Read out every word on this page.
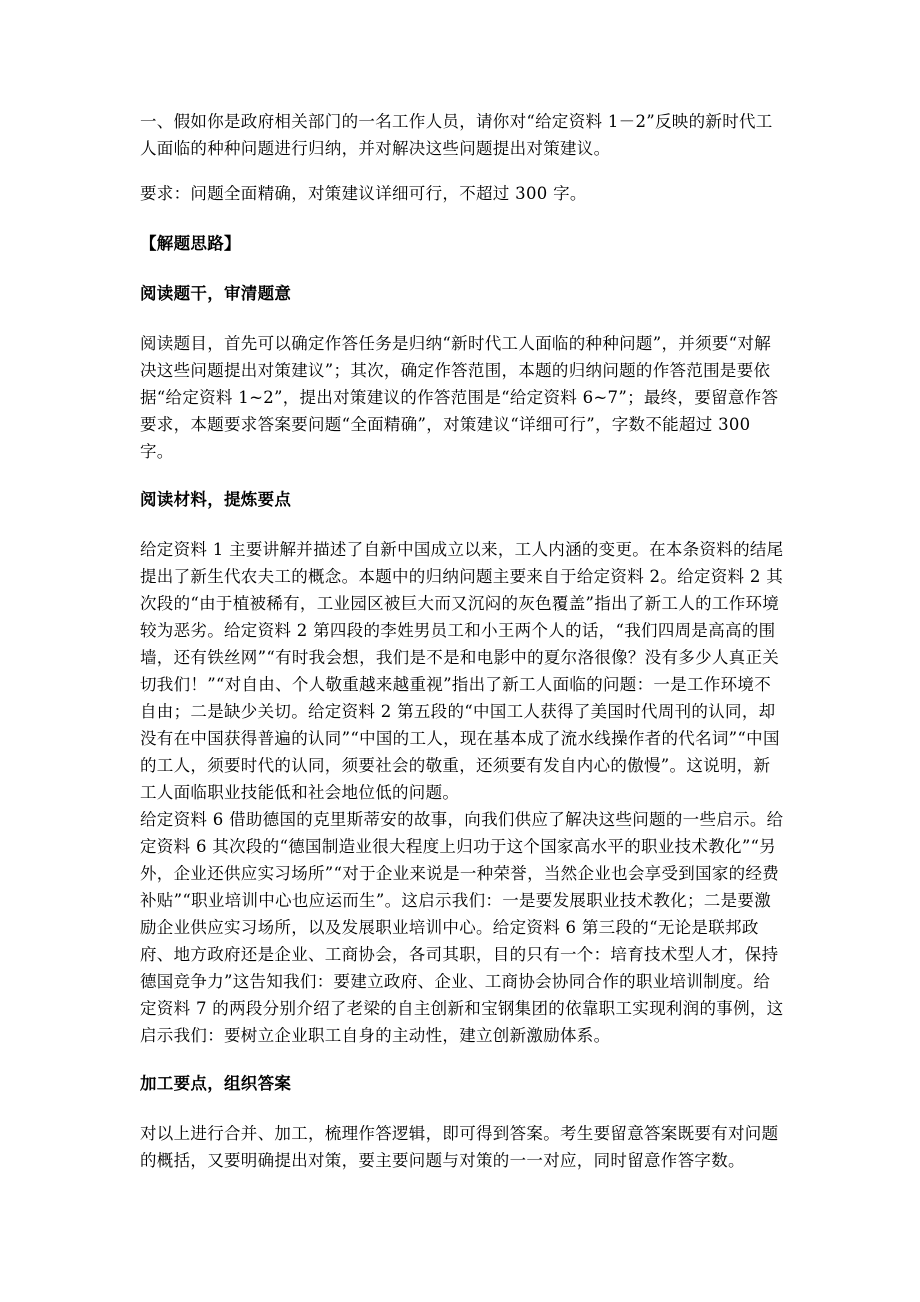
一、假如你是政府相关部门的一名工作人员，请你对“给定资料 1－2”反映的新时代工人面临的种种问题进行归纳，并对解决这些问题提出对策建议。

要求：问题全面精确，对策建议详细可行，不超过 300 字。

【解题思路】

阅读题干，审清题意

阅读题目，首先可以确定作答任务是归纳“新时代工人面临的种种问题”，并须要“对解决这些问题提出对策建议”；其次，确定作答范围，本题的归纳问题的作答范围是要依据“给定资料 1~2”，提出对策建议的作答范围是“给定资料 6~7”；最终，要留意作答要求，本题要求答案要问题“全面精确”，对策建议“详细可行”，字数不能超过 300 字。

阅读材料，提炼要点

给定资料 1 主要讲解并描述了自新中国成立以来，工人内涵的变更。在本条资料的结尾提出了新生代农夫工的概念。本题中的归纳问题主要来自于给定资料 2。给定资料 2 其次段的“由于植被稀有，工业园区被巨大而又沉闷的灰色覆盖”指出了新工人的工作环境较为恶劣。给定资料 2 第四段的李姓男员工和小王两个人的话，“我们四周是高高的围墙，还有铁丝网”“有时我会想，我们是不是和电影中的夏尔洛很像？没有多少人真正关切我们！”“对自由、个人敬重越来越重视”指出了新工人面临的问题：一是工作环境不自由；二是缺少关切。给定资料 2 第五段的“中国工人获得了美国时代周刊的认同，却没有在中国获得普遍的认同”“中国的工人，现在基本成了流水线操作者的代名词”“中国的工人，须要时代的认同，须要社会的敬重，还须要有发自内心的傲慢”。这说明，新工人面临职业技能低和社会地位低的问题。

给定资料 6 借助德国的克里斯蒂安的故事，向我们供应了解决这些问题的一些启示。给定资料 6 其次段的“德国制造业很大程度上归功于这个国家高水平的职业技术教化”“另外，企业还供应实习场所”“对于企业来说是一种荣誉，当然企业也会享受到国家的经费补贴”“职业培训中心也应运而生”。这启示我们：一是要发展职业技术教化；二是要激励企业供应实习场所，以及发展职业培训中心。给定资料 6 第三段的“无论是联邦政府、地方政府还是企业、工商协会，各司其职，目的只有一个：培育技术型人才，保持德国竞争力”这告知我们：要建立政府、企业、工商协会协同合作的职业培训制度。给定资料 7 的两段分别介绍了老梁的自主创新和宝钢集团的依靠职工实现利润的事例，这启示我们：要树立企业职工自身的主动性，建立创新激励体系。

加工要点，组织答案

对以上进行合并、加工，梳理作答逻辑，即可得到答案。考生要留意答案既要有对问题的概括，又要明确提出对策，要主要问题与对策的一一对应，同时留意作答字数。
